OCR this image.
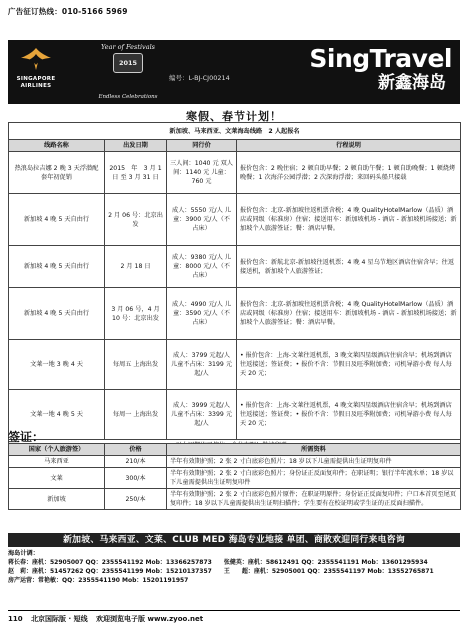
广告征订热线：010-5166 5969
SINGAPORE AIRLINES
Year of Festivals
2015
Endless Celebrations
编号：L-BJ-CJ00214
SingTravel
新鑫海岛
寒假、春节计划！
新加坡、马来西亚、文莱海岛线路　2 人起报名			
线路名称	出发日期	同行价	行程说明
热浪岛拉吉娜 2 晚 3 天浮潜配套年初促销	2015　年　3 月 1 日 至 3 月 31 日	三人间：1040 元 双人间：1140 元 儿童：760 元	报价包含：2 晚住宿；2 顿自助早餐；2 顿自助午餐；1 顿自助晚餐；1 顿烧烤晚餐；1 次海洋公园浮潜；2 次深海浮潜；来回码头船只接载
新加坡 4 晚 5 天自由行	2 月 06 号：北京出发	成人：5550 元/人 儿童：3900 元/人（不占床）	报价包含：北京-新加坡往返机票含税；4 晚 QualityHotelMarlow（品质）酒店或同级（标准房）住宿；接送用车：新加坡机场 - 酒店 - 新加坡机场接送；新加坡个人旅游签证；餐：酒店早餐。
新加坡 4 晚 5 天自由行	2 月 18 日	成人：9380 元/人 儿童：8000 元/人（不占床）	报价包含：新航北京-新加坡往返机票；4 晚 4 星乌节地区酒店住宿含早；往返接送机，新加坡个人旅游签证；
新加坡 4 晚 5 天自由行	3 月 06 号，4 月 10 号：北京出发	成人：4990 元/人 儿童：3590 元/人（不占床）	报价包含：北京-新加坡往返机票含税；4 晚 QualityHotelMarlow（品质）酒店或同级（标准房）住宿；接送用车：新加坡机场 - 酒店 - 新加坡机场接送；新加坡个人旅游签证；餐：酒店早餐。
文莱一地 3 晚 4 天	每周五 上海出发	成人：3799 元起/人 儿童不占床：3199 元起/人	• 报价包含：上海-文莱往返机票，3 晚文莱四星级酒店住宿含早；机场到酒店往返接送；签证费；• 报价不含：节假日及旺季附加费；司机导游小费 每人每天 20 元；
文莱一地 4 晚 5 天	每周一 上海出发	成人：3999 元起/人 儿童不占床：3399 元起/人	• 报价包含：上海-文莱往返机票，4 晚文莱四星级酒店住宿含早；机场到酒店往返接送；签证费；• 报价不含：节假日及旺季附加费；司机导游小费 每人每天 20 元；

签证：
国家（个人旅游签）	价格	所需资料
马来西亚	210/本	半年有效期护照；2 张 2 寸白底彩色照片；18 岁以下儿童需提供出生证明复印件
文莱	300/本	半年有效期护照；2 张 2 寸白底彩色照片；身份证正反面复印件；在职证明；银行半年流水单；18 岁以下儿童需提供出生证明复印件
新加坡	250/本	半年有效期护照；2 张 2 寸白底彩色照片原件；在职证明原件；身份证正反面复印件；户口本首页至尾页复印件；18 岁以下儿童需提供出生证明扫描件；学生要有在校证明或学生证的正反面扫描件。
新加坡、马来西亚、文莱、CLUB MED 海岛专业地接 单团、商散欢迎同行来电咨询
海岛计调：
蒋长春：座机：52905007 QQ：2355541192 Mob：13366257873　　张健英：座机：58612491 QQ：2355541191 Mob：13601295934
赵　莉：座机：51457262 QQ：2355541199 Mob：15210137357　　王　　超：座机：52905001 QQ：2355541197 Mob：13552765871
房产运营：常艳敏：QQ：2355541190 Mob：15201191957
110 北京国际版 · 短线 欢迎浏览电子版 www.zyoo.net
